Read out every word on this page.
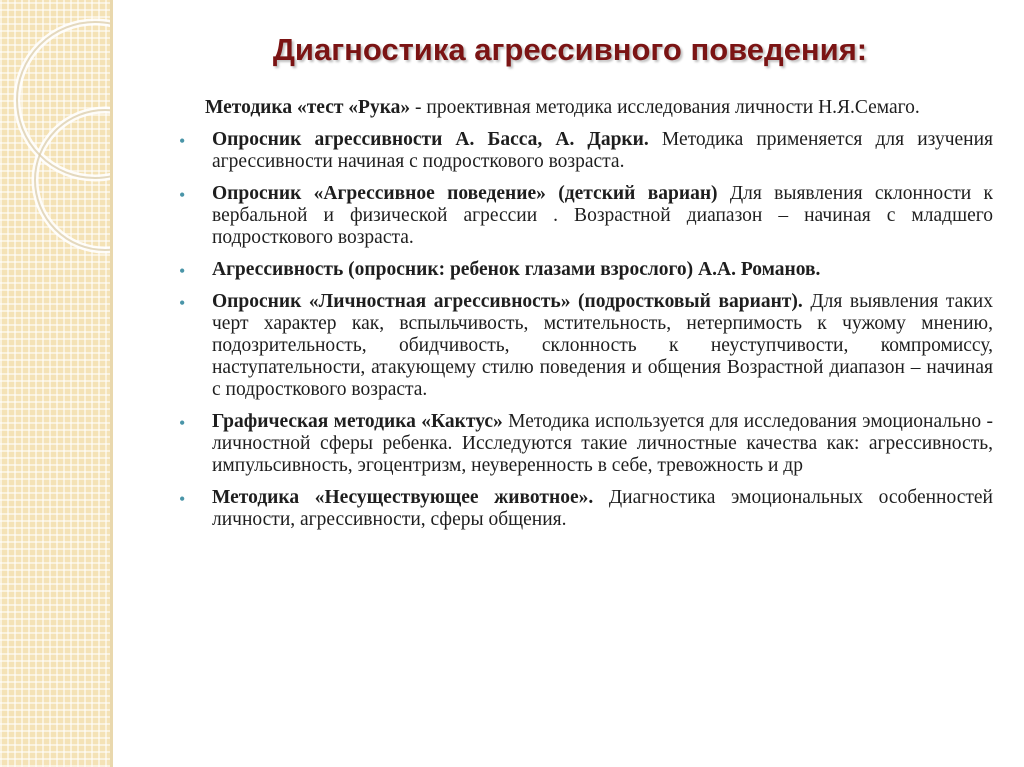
Диагностика агрессивного поведения:
Методика «тест «Рука» - проективная методика исследования личности Н.Я.Семаго.
• Опросник агрессивности А. Басса, А. Дарки. Методика применяется для изучения агрессивности начиная с подросткового возраста.
• Опросник «Агрессивное поведение» (детский вариан) Для выявления склонности к вербальной и физической агрессии . Возрастной диапазон – начиная с младшего подросткового возраста.
• Агрессивность (опросник: ребенок глазами взрослого) А.А. Романов.
• Опросник «Личностная агрессивность» (подростковый вариант). Для выявления таких черт характер как, вспыльчивость, мстительность, нетерпимость к чужому мнению, подозрительность, обидчивость, склонность к неуступчивости, компромиссу, наступательности, атакующему стилю поведения и общения Возрастной диапазон – начиная с подросткового возраста.
• Графическая методика «Кактус» Методика используется для исследования эмоционально - личностной сферы ребенка. Исследуются такие личностные качества как: агрессивность, импульсивность, эгоцентризм, неуверенность в себе, тревожность и др
• Методика «Несуществующее животное». Диагностика эмоциональных особенностей личности, агрессивности, сферы общения.
